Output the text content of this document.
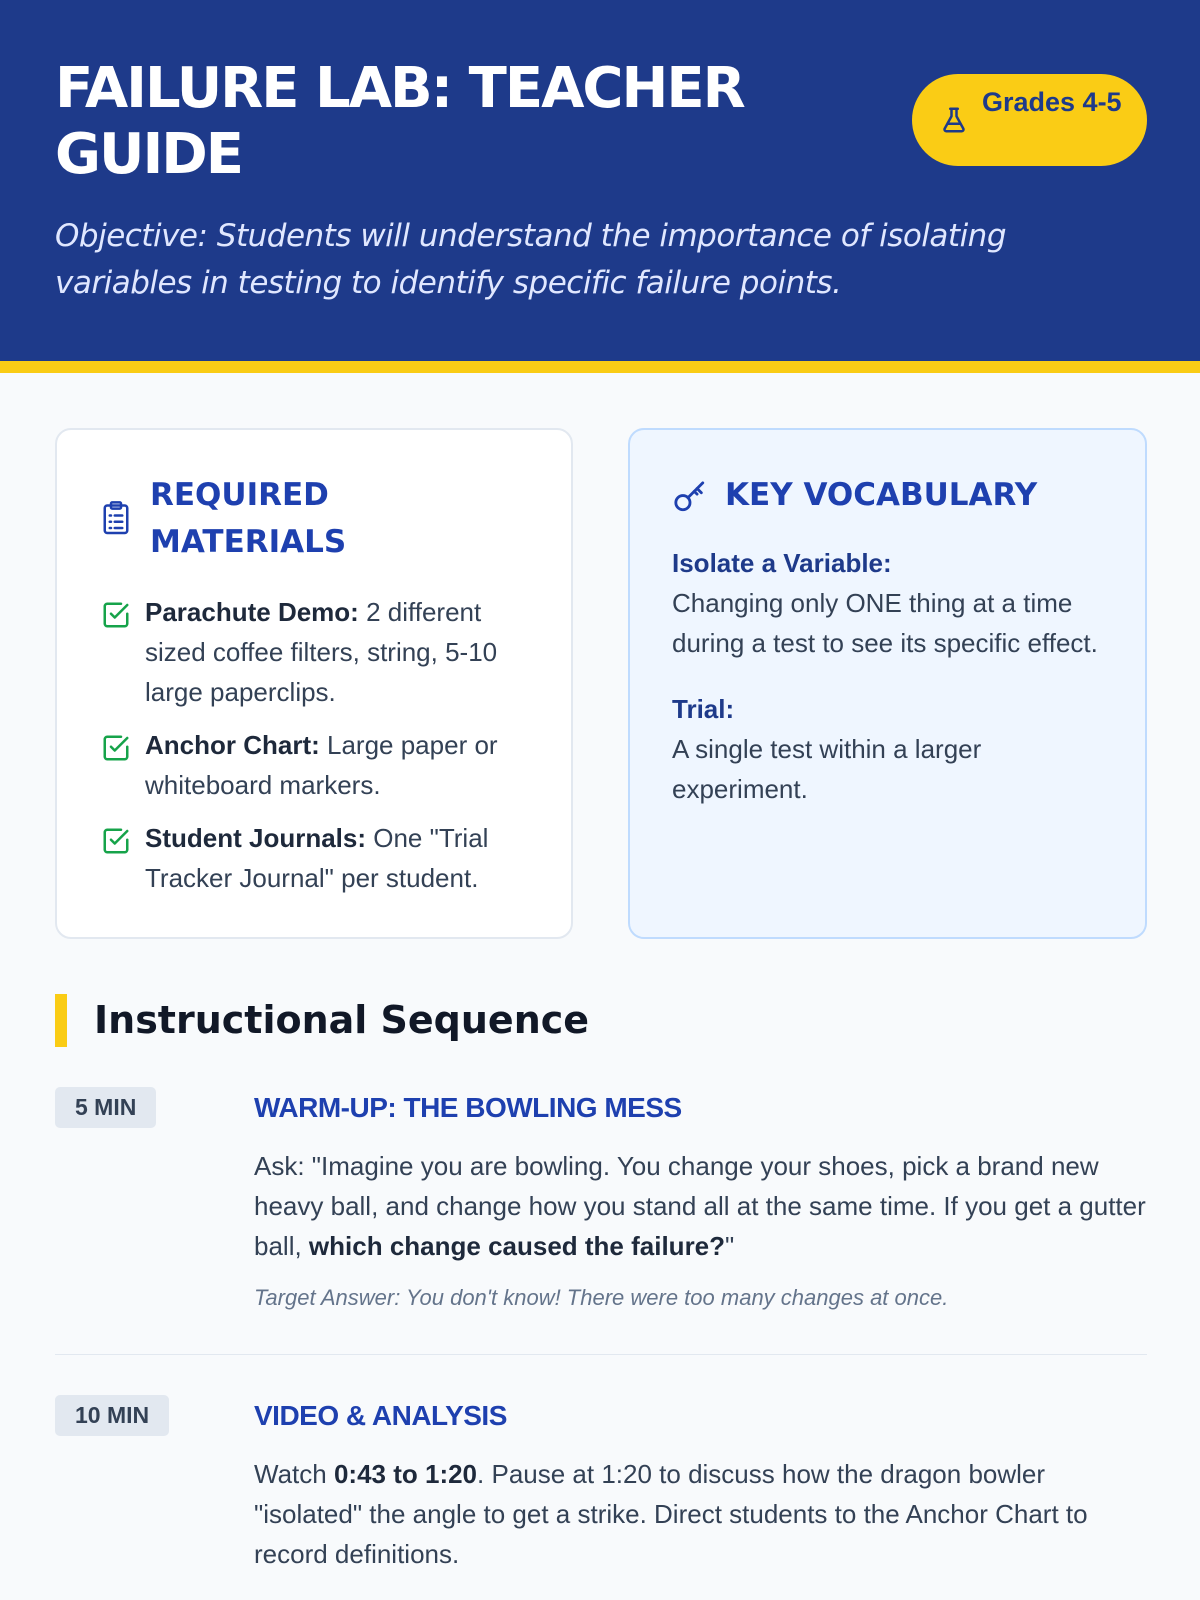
FAILURE LAB: TEACHER GUIDE
Grades 4-5

Objective: Students will understand the importance of isolating variables in testing to identify specific failure points.

REQUIRED MATERIALS
Parachute Demo: 2 different sized coffee filters, string, 5-10 large paperclips.
Anchor Chart: Large paper or whiteboard markers.
Student Journals: One "Trial Tracker Journal" per student.
KEY VOCABULARY
Isolate a Variable:
Changing only ONE thing at a time during a test to see its specific effect.
Trial:
A single test within a larger experiment.
Instructional Sequence
5 MIN	WARM-UP: THE BOWLING MESS

Ask: "Imagine you are bowling. You change your shoes, pick a brand new heavy ball, and change how you stand all at the same time. If you get a gutter ball, which change caused the failure?"

Target Answer: You don't know! There were too many changes at once.

10 MIN	VIDEO & ANALYSIS

Watch 0:43 to 1:20. Pause at 1:20 to discuss how the dragon bowler "isolated" the angle to get a strike. Direct students to the Anchor Chart to record definitions.
